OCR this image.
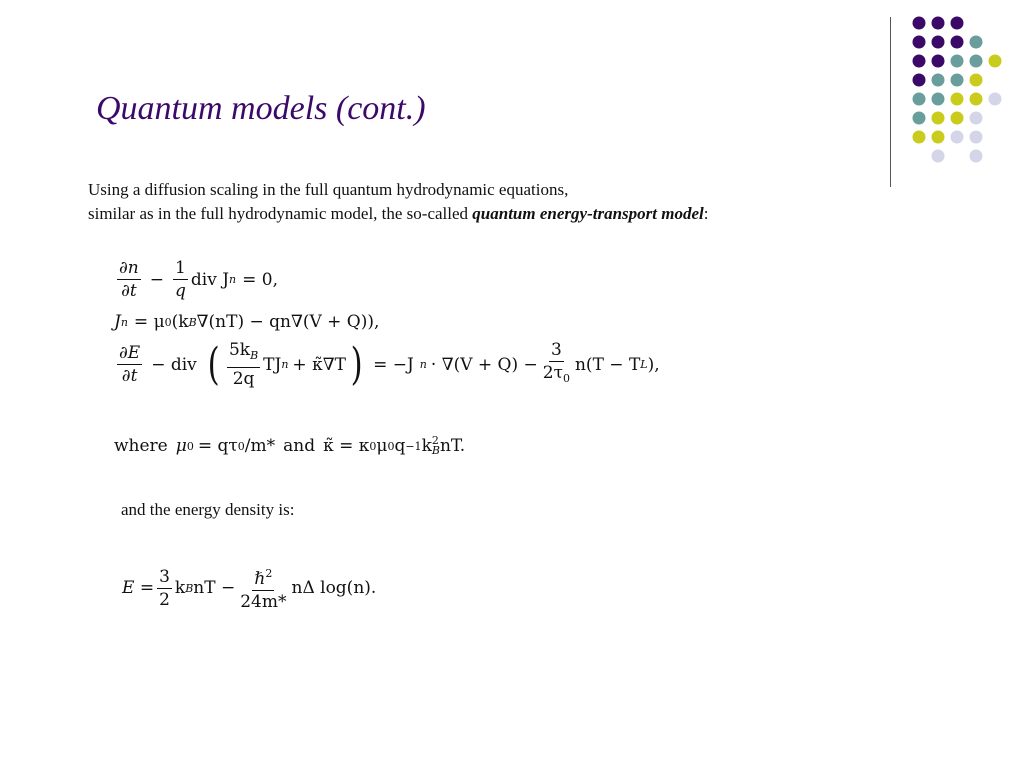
Quantum models (cont.)
Using a diffusion scaling in the full quantum hydrodynamic equations,
similar as in the full hydrodynamic model, the so-called quantum energy-transport model:
$\frac{\partial n}{\partial t} - \frac{1}{q}$ div J n = 0,
J n = μ 0 (k B ∇(nT) − qn∇(V + Q)),
$\frac{\partial E}{\partial t}$ − div ( $\frac{5k_B}{2q}$ TJ n + κ̃∇T ) = −J $n \cdot \nabla(V + Q) - \frac{3}{2\tau_0} n(T - T$ L ),
where μ 0 = qτ 0 /m* and κ̃ = κ 0 μ 0 q −1 k 2
B nT.
and the energy density is:
$E = \frac{3}{2}$ k B nT − $\frac{\hbar^2}{24m*}$ nΔ log(n).
